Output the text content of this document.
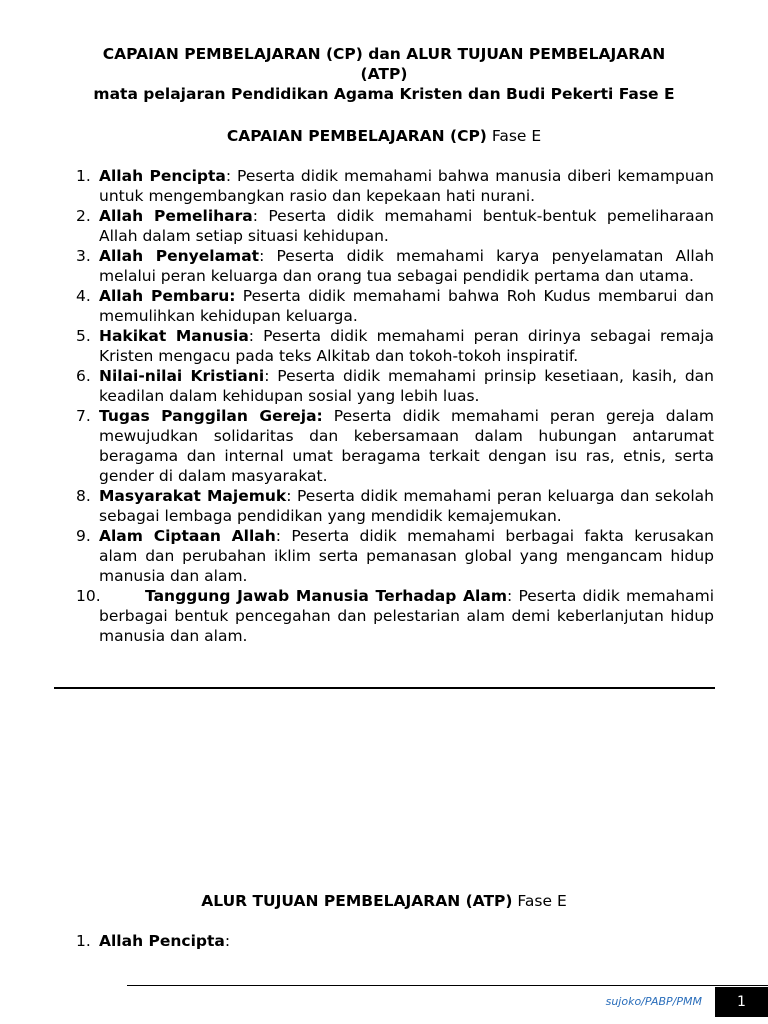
CAPAIAN PEMBELAJARAN (CP) dan ALUR TUJUAN PEMBELAJARAN
(ATP)
mata pelajaran Pendidikan Agama Kristen dan Budi Pekerti Fase E
CAPAIAN PEMBELAJARAN (CP) Fase E
1. Allah Pencipta: Peserta didik memahami bahwa manusia diberi kemampuan untuk mengembangkan rasio dan kepekaan hati nurani.
2. Allah Pemelihara: Peserta didik memahami bentuk-bentuk pemeliharaan Allah dalam setiap situasi kehidupan.
3. Allah Penyelamat: Peserta didik memahami karya penyelamatan Allah melalui peran keluarga dan orang tua sebagai pendidik pertama dan utama.
4. Allah Pembaru: Peserta didik memahami bahwa Roh Kudus membarui dan memulihkan kehidupan keluarga.
5. Hakikat Manusia: Peserta didik memahami peran dirinya sebagai remaja Kristen mengacu pada teks Alkitab dan tokoh-tokoh inspiratif.
6. Nilai-nilai Kristiani: Peserta didik memahami prinsip kesetiaan, kasih, dan keadilan dalam kehidupan sosial yang lebih luas.
7. Tugas Panggilan Gereja: Peserta didik memahami peran gereja dalam mewujudkan solidaritas dan kebersamaan dalam hubungan antarumat beragama dan internal umat beragama terkait dengan isu ras, etnis, serta gender di dalam masyarakat.
8. Masyarakat Majemuk: Peserta didik memahami peran keluarga dan sekolah sebagai lembaga pendidikan yang mendidik kemajemukan.
9. Alam Ciptaan Allah: Peserta didik memahami berbagai fakta kerusakan alam dan perubahan iklim serta pemanasan global yang mengancam hidup manusia dan alam.
10.	Tanggung Jawab Manusia Terhadap Alam: Peserta didik memahami berbagai bentuk pencegahan dan pelestarian alam demi keberlanjutan hidup manusia dan alam.
ALUR TUJUAN PEMBELAJARAN (ATP) Fase E
1. Allah Pencipta:
sujoko/PABP/PMM	1
